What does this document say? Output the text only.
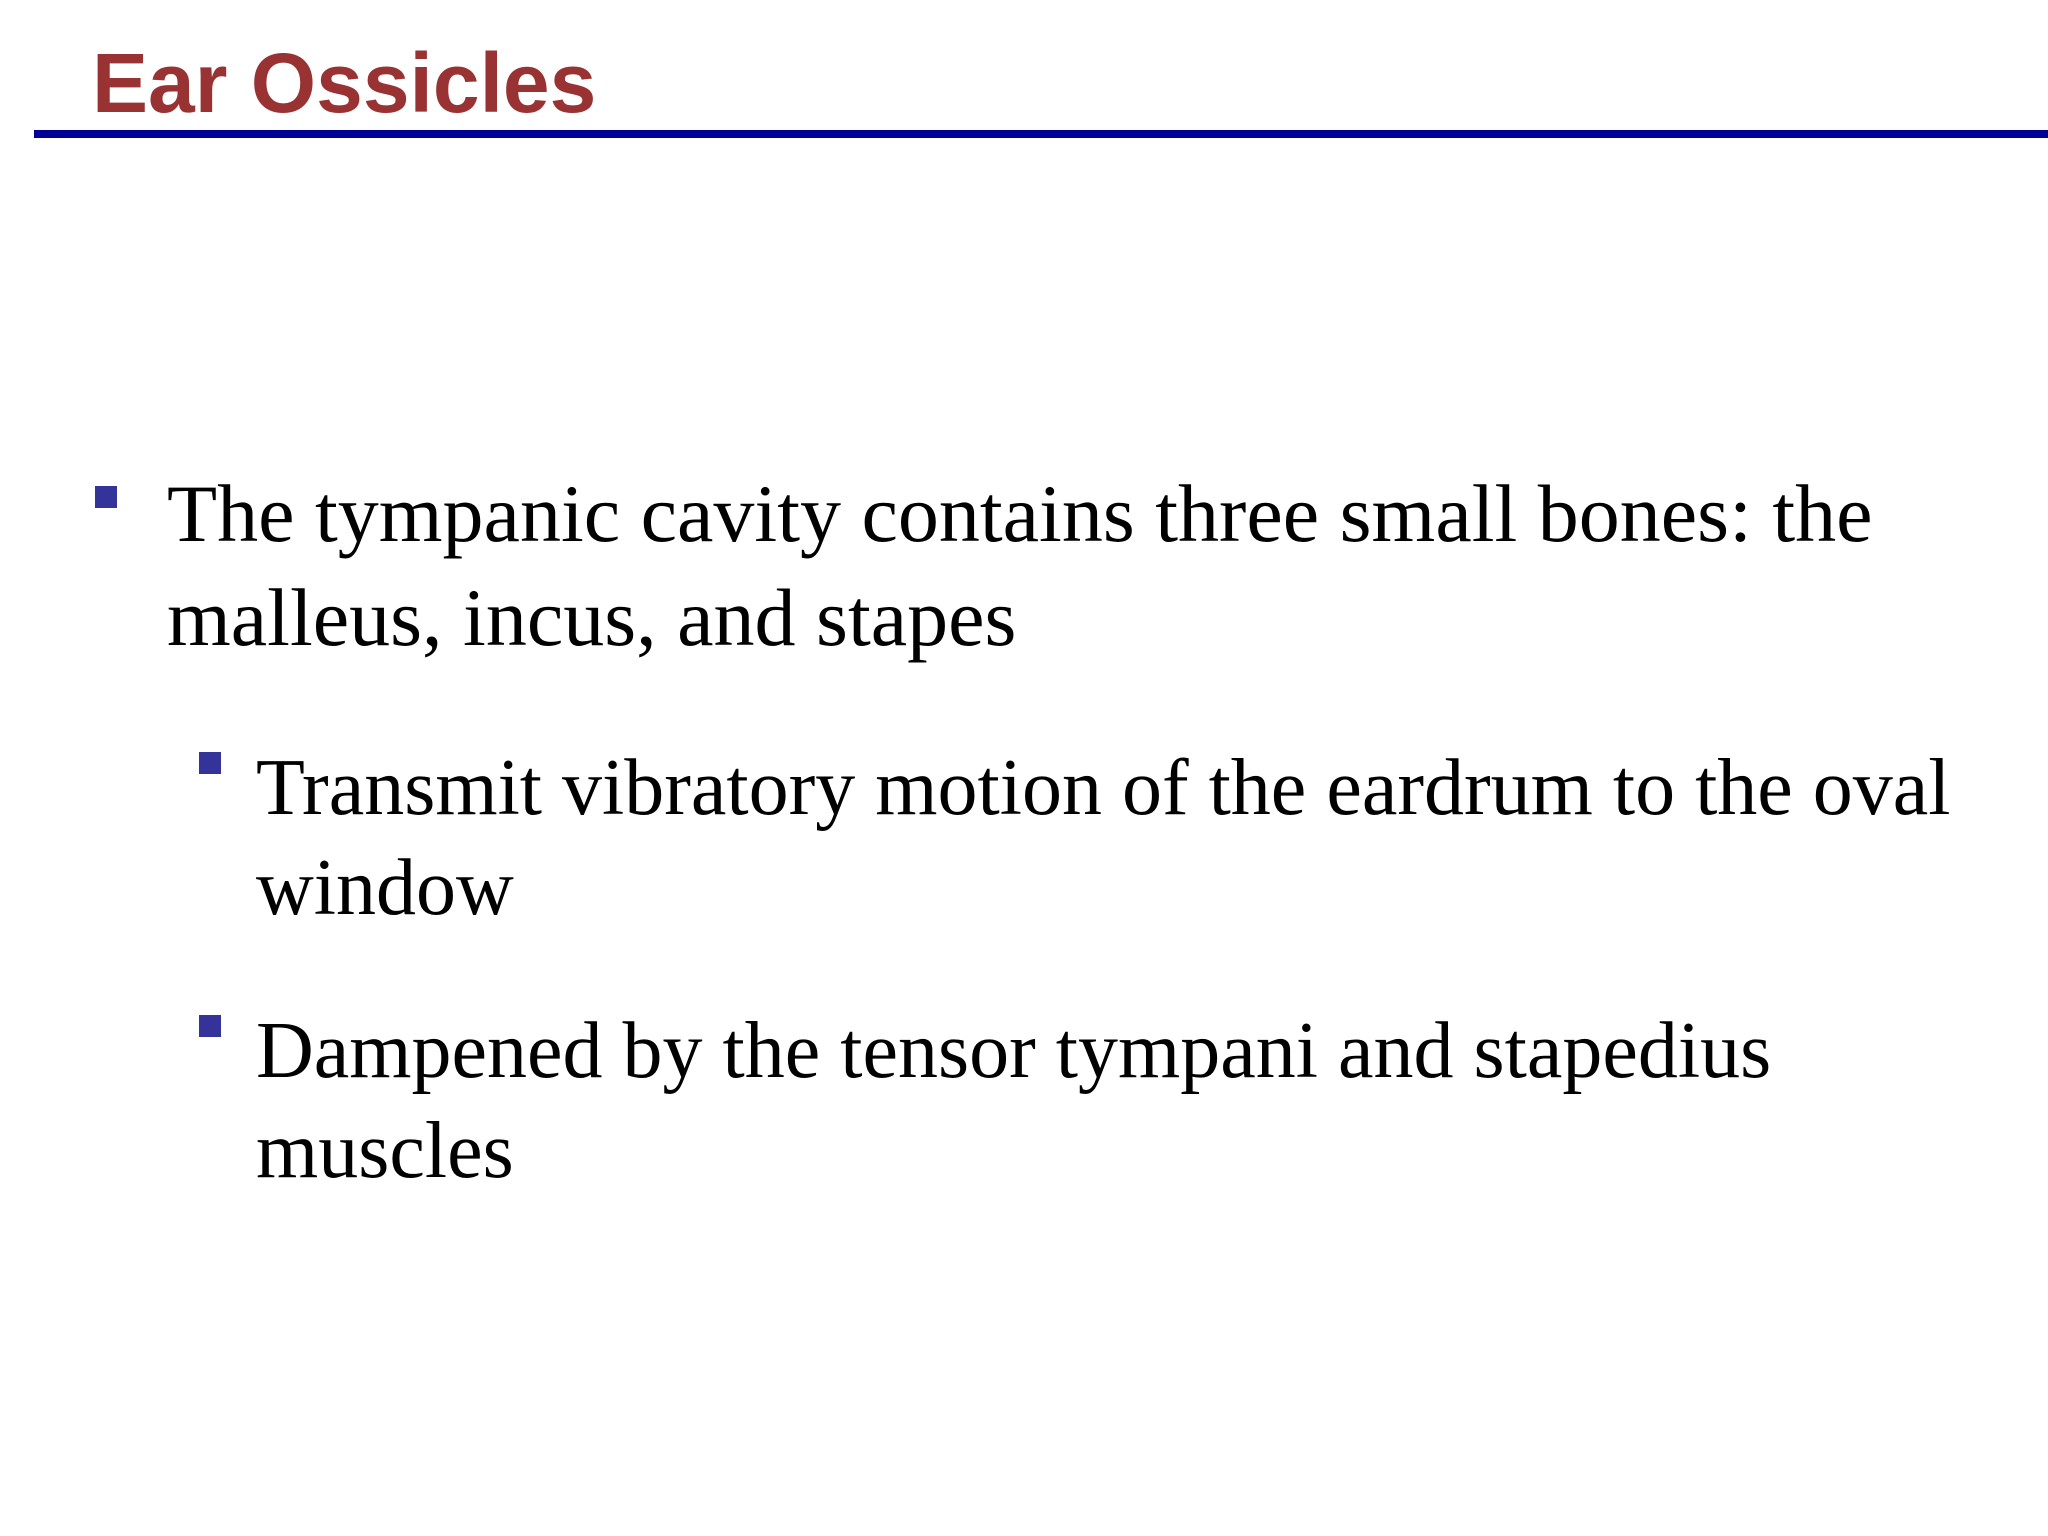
Ear Ossicles
The tympanic cavity contains three small bones: the malleus, incus, and stapes
Transmit vibratory motion of the eardrum to the oval window
Dampened by the tensor tympani and stapedius muscles
